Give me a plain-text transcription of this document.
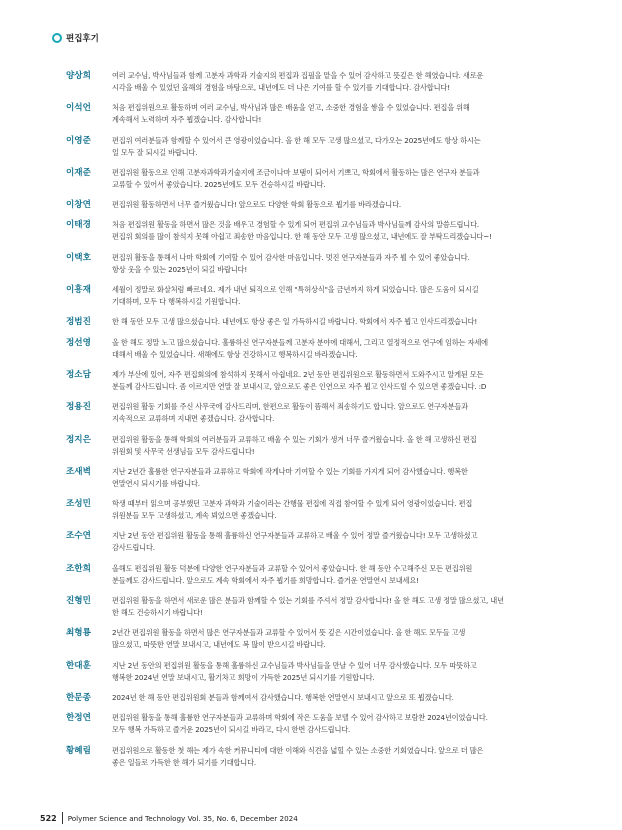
편집후기
양상희	여러 교수님, 박사님들과 함께 고분자 과학과 기술지의 편집과 집필을 맡을 수 있어 감사하고 뜻깊은 한 해였습니다. 새로운
시각을 배울 수 있었던 올해의 경험을 바탕으로, 내년에도 더 나은 기여를 할 수 있기를 기대합니다. 감사합니다!
이석언	처음 편집위원으로 활동하며 여러 교수님, 박사님과 많은 배움을 얻고, 소중한 경험을 쌓을 수 있었습니다. 편집을 위해
계속해서 노력하며 자주 뵙겠습니다. 감사합니다!
이영준	편집위 여러분들과 함께할 수 있어서 큰 영광이었습니다. 올 한 해 모두 고생 많으셨고, 다가오는 2025년에도 항상 하시는
일 모두 잘 되시길 바랍니다.
이재준	편집위원 활동으로 인해 고분자과학과기술지에 조금이나마 보탬이 되어서 기쁘고, 학회에서 활동하는 많은 연구자 분들과
교류할 수 있어서 좋았습니다. 2025년에도 모두 건승하시길 바랍니다.
이창연	편집위원 활동하면서 너무 즐거웠습니다! 앞으로도 다양한 학회 활동으로 뵙기를 바라겠습니다.
이태경	처음 편집위원 활동을 하면서 많은 것을 배우고 경험할 수 있게 되어 편집위 교수님들과 박사님들께 감사의 말씀드립니다.
편집위 회의를 많이 참석지 못해 아쉽고 죄송한 마음입니다. 한 해 동안 모두 고생 많으셨고, 내년에도 잘 부탁드리겠습니다~!
이택호	편집위 활동을 통해서 나마 학회에 기여할 수 있어 감사한 마음입니다. 멋진 연구자분들과 자주 뵐 수 있어 좋았습니다.
항상 웃을 수 있는 2025년이 되길 바랍니다!
이흥재	세월이 정말로 화살처럼 빠르네요. 제가 내년 퇴직으로 인해 "특허상식"을 금년까지 하게 되었습니다. 많은 도움이 되시길
기대하며, 모두 다 행복하시길 기원합니다.
정범진	한 해 동안 모두 고생 많으셨습니다. 내년에도 항상 좋은 일 가득하시길 바랍니다. 학회에서 자주 뵙고 인사드리겠습니다!
정선영	올 한 해도 정말 노고 많으셨습니다. 훌륭하신 연구자분들께 고분자 분야에 대해서, 그리고 열정적으로 연구에 임하는 자세에
대해서 배울 수 있었습니다. 새해에도 항상 건강하시고 행복하시길 바라겠습니다.
정소담	제가 부산에 있어, 자주 편집회의에 참석하지 못해서 아쉽네요. 2년 동안 편집위원으로 활동하면서 도와주시고 알게된 모든
분들께 감사드립니다. 좀 이르지만 연말 잘 보내시고, 앞으로도 좋은 인연으로 자주 뵙고 인사드릴 수 있으면 좋겠습니다. :D
정용진	편집위원 활동 기회를 주신 사무국에 감사드리며, 한편으로 활동이 뜸해서 죄송하기도 합니다. 앞으로도 연구자분들과
지속적으로 교류하며 지내면 좋겠습니다. 감사합니다.
정지은	편집위원 활동을 통해 학회의 여러분들과 교류하고 배울 수 있는 기회가 생겨 너무 즐거웠습니다. 올 한 해 고생하신 편집
위원회 및 사무국 선생님들 모두 감사드립니다!
조새벽	지난 2년간 훌륭한 연구자분들과 교류하고 학회에 작게나마 기여할 수 있는 기회를 가지게 되어 감사했습니다. 행복한
연말연시 되시기를 바랍니다.
조성민	학생 때부터 읽으며 공부했던 고분자 과학과 기술이라는 간행물 편집에 직접 참여할 수 있게 되어 영광이었습니다. 편집
위원분들 모두 고생하셨고, 계속 뵈었으면 좋겠습니다.
조수연	지난 2년 동안 편집위원 활동을 통해 훌륭하신 연구자분들과 교류하고 배울 수 있어 정말 즐거웠습니다! 모두 고생하셨고
감사드립니다.
조한희	올해도 편집위원 활동 덕분에 다양한 연구자분들과 교류할 수 있어서 좋았습니다. 한 해 동안 수고해주신 모든 편집위원
분들께도 감사드립니다. 앞으로도 계속 학회에서 자주 뵙기를 희망합니다. 즐거운 연말연시 보내세요!
진형민	편집위원 활동을 하면서 새로운 많은 분들과 함께할 수 있는 기회를 주셔서 정말 감사합니다! 올 한 해도 고생 정말 많으셨고, 내년
한 해도 건승하시기 바랍니다!
최형룡	2년간 편집위원 활동을 하면서 많은 연구자분들과 교류할 수 있어서 뜻 깊은 시간이었습니다. 올 한 해도 모두들 고생
많으셨고, 따뜻한 연말 보내시고, 내년에도 복 많이 받으시길 바랍니다.
한대훈	지난 2년 동안의 편집위원 활동을 통해 훌륭하신 교수님들과 박사님들을 만날 수 있어 너무 감사했습니다. 모두 따뜻하고
행복한 2024년 연말 보내시고, 활기차고 희망이 가득한 2025년 되시기를 기원합니다.
한문종	2024년 한 해 동안 편집위원회 분들과 함께여서 감사했습니다. 행복한 연말연시 보내시고 앞으로 또 뵙겠습니다.
한정연	편집위원 활동을 통해 훌륭한 연구자분들과 교류하며 학회에 작은 도움을 보탤 수 있어 감사하고 보람찬 2024년이었습니다.
모두 행복 가득하고 즐거운 2025년이 되시길 바라고, 다시 한번 감사드립니다.
황혜림	편집위원으로 활동한 첫 해는 제가 속한 커뮤니티에 대한 이해와 식견을 넓힐 수 있는 소중한 기회였습니다. 앞으로 더 많은
좋은 일들로 가득한 한 해가 되기를 기대합니다.
522 Polymer Science and Technology Vol. 35, No. 6, December 2024
